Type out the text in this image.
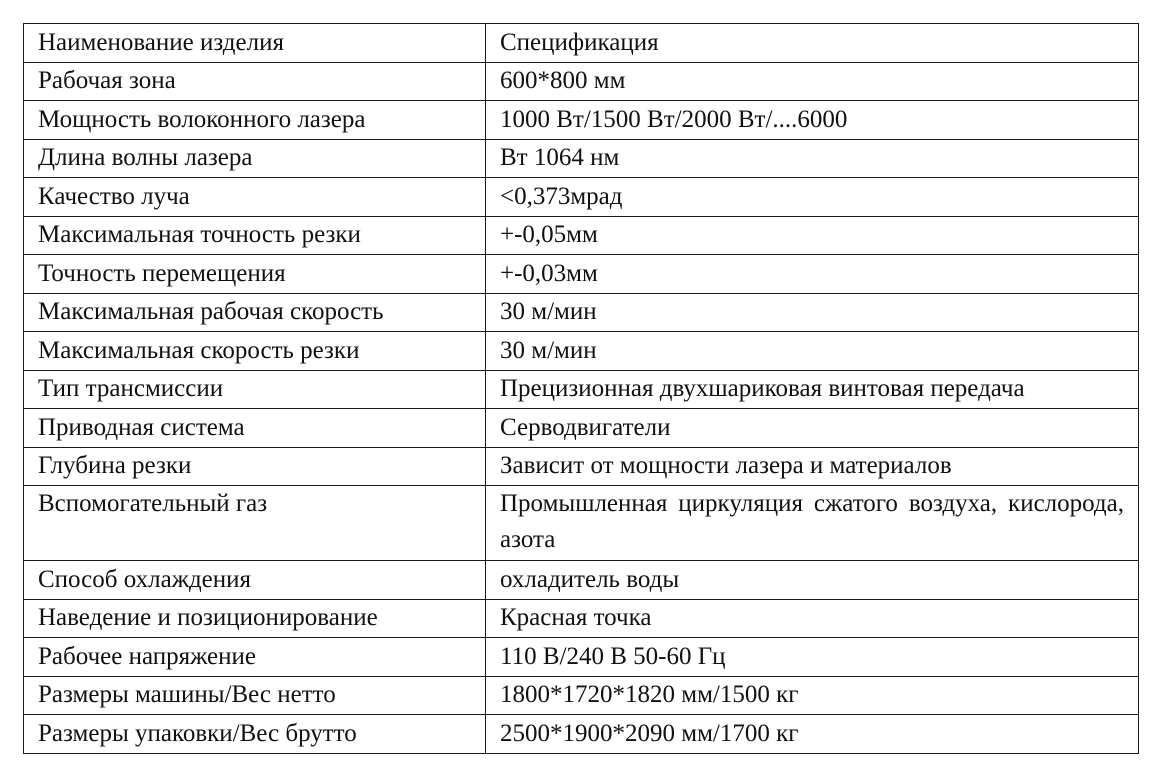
Наименование изделия	Спецификация
Рабочая зона	600*800 мм
Мощность волоконного лазера	1000 Вт/1500 Вт/2000 Вт/....6000
Длина волны лазера	Вт 1064 нм
Качество луча	<0,373мрад
Максимальная точность резки	+-0,05мм
Точность перемещения	+-0,03мм
Максимальная рабочая скорость	30 м/мин
Максимальная скорость резки	30 м/мин
Тип трансмиссии	Прецизионная двухшариковая винтовая передача
Приводная система	Серводвигатели
Глубина резки	Зависит от мощности лазера и материалов
Вспомогательный газ	Промышленная циркуляция сжатого воздуха, кислорода, азота
Способ охлаждения	охладитель воды
Наведение и позиционирование	Красная точка
Рабочее напряжение	110 В/240 В 50-60 Гц
Размеры машины/Вес нетто	1800*1720*1820 мм/1500 кг
Размеры упаковки/Вес брутто	2500*1900*2090 мм/1700 кг
